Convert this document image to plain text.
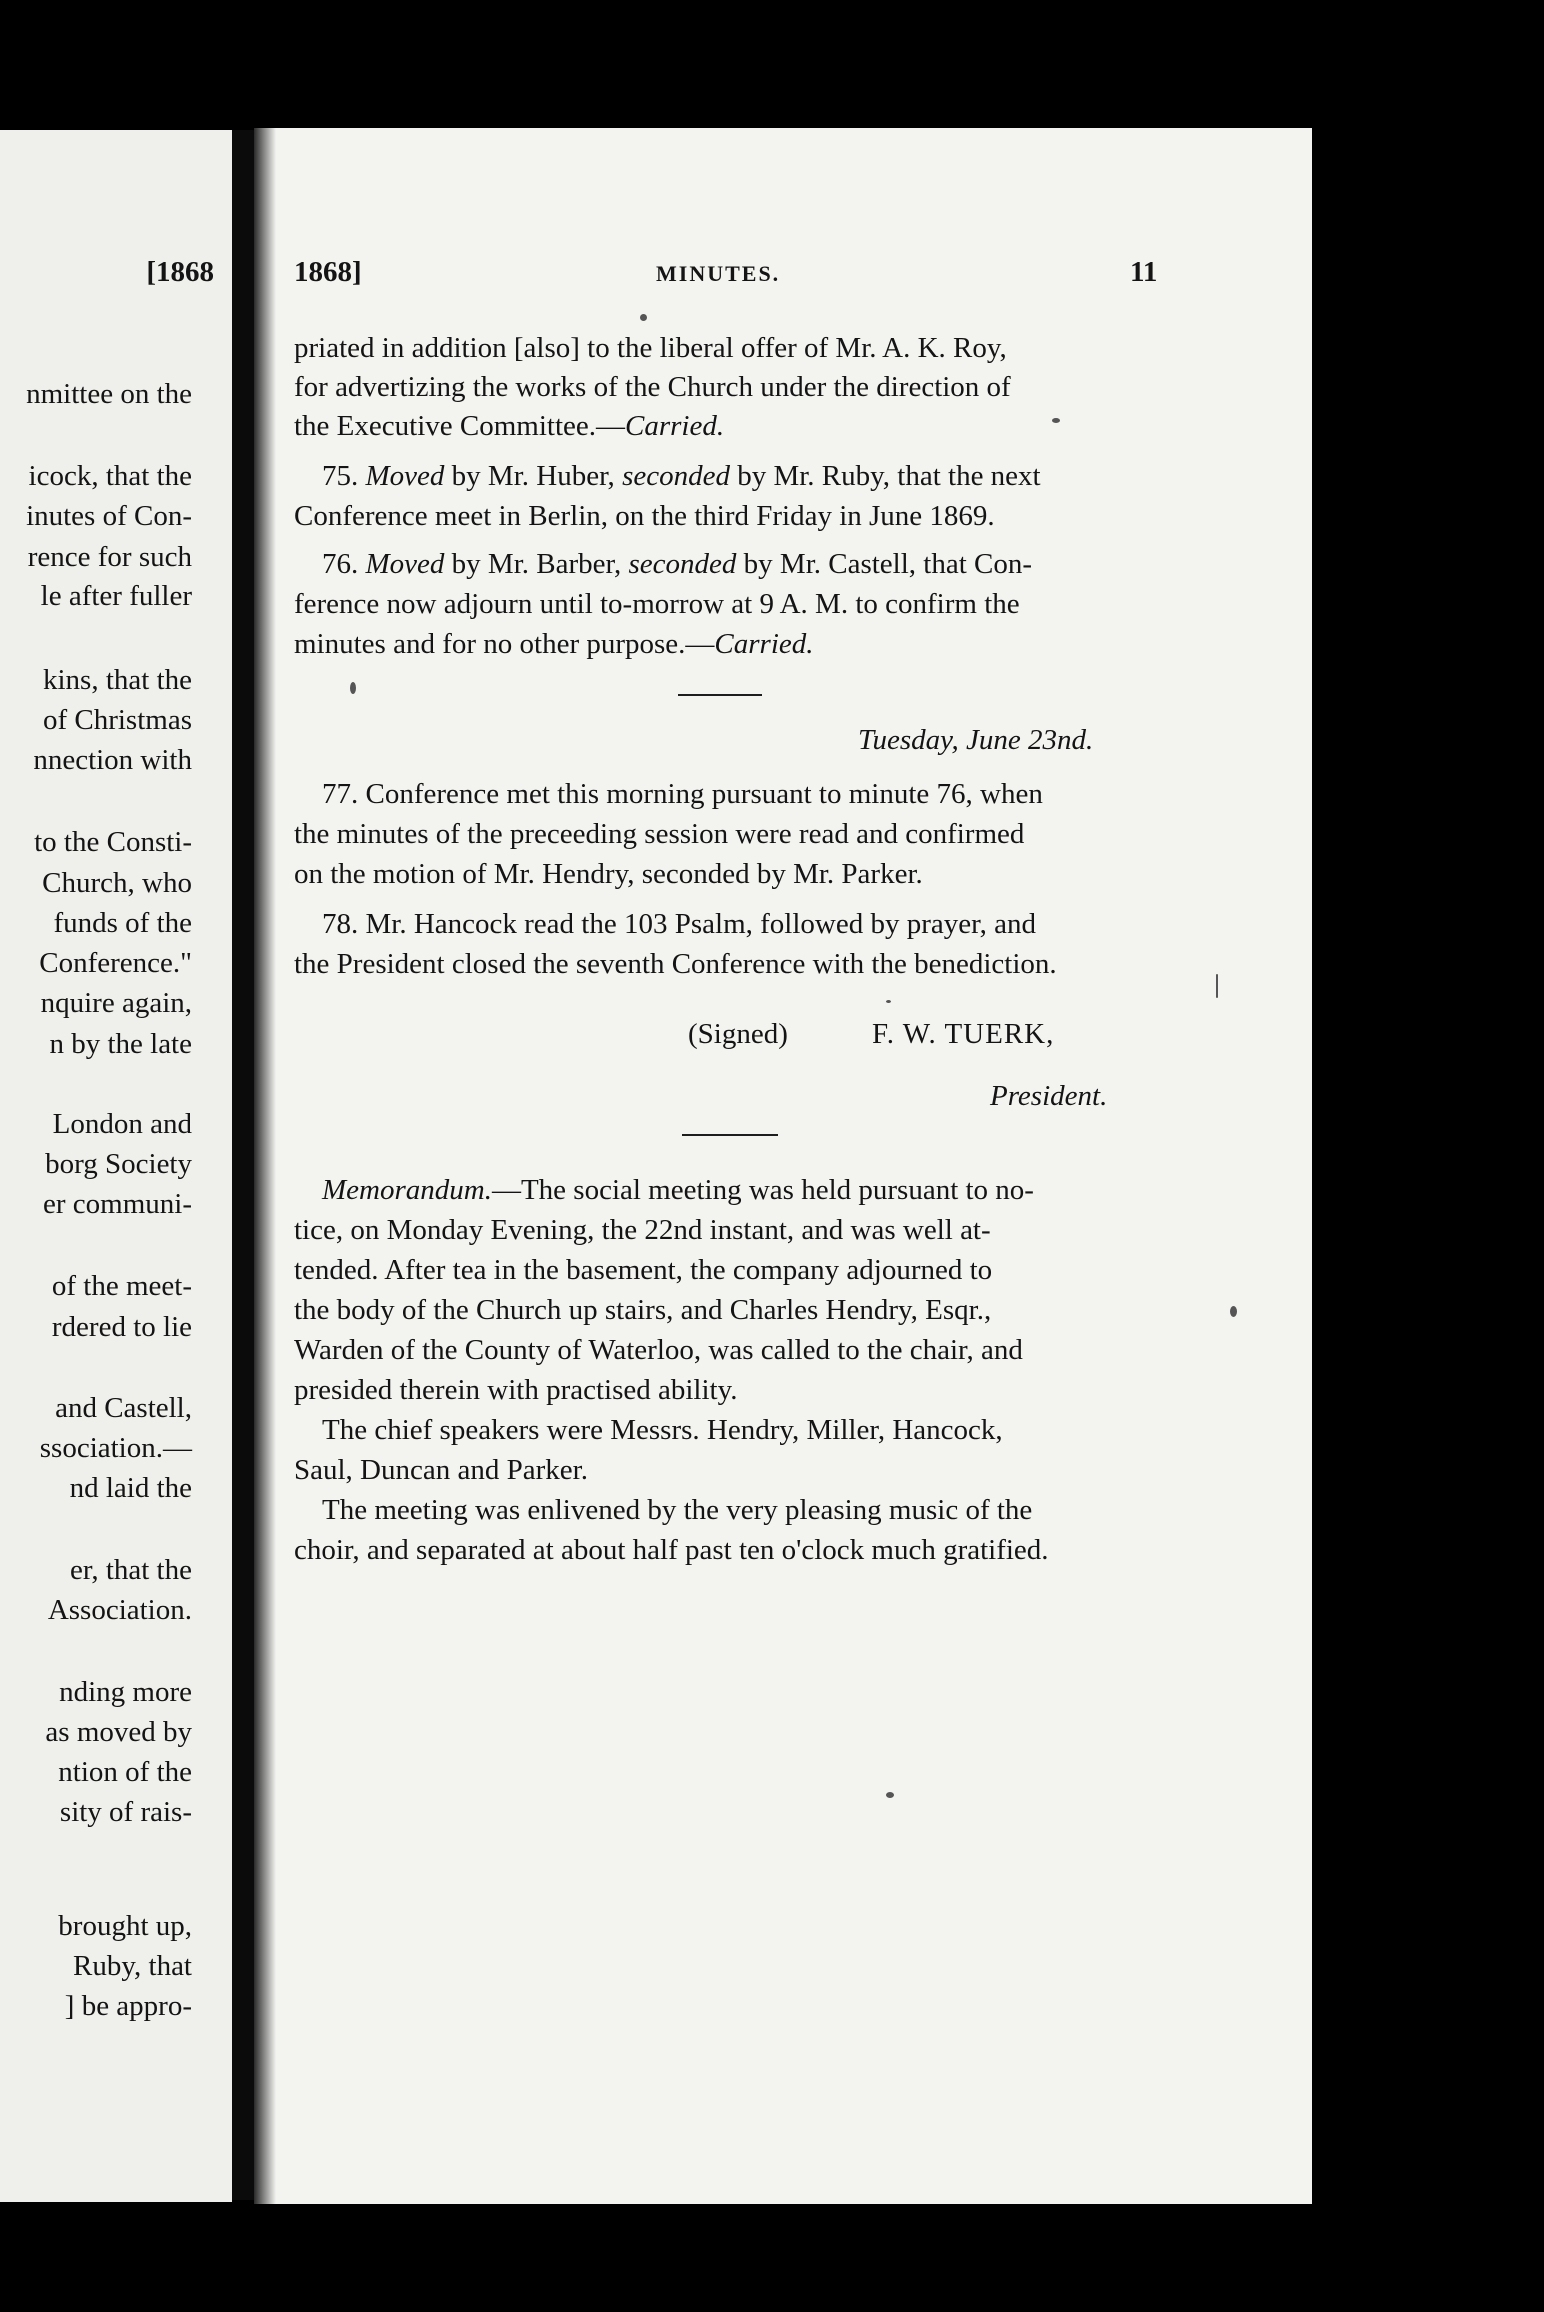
[1868
nmittee on the
icock, that the
inutes of Con-
rence for such
le after fuller
kins, that the
of Christmas
nnection with
to the Consti-
Church, who
funds of the
Conference."
nquire again,
n by the late
London and
borg Society
er communi-
of the meet-
rdered to lie
and Castell,
ssociation.—
nd laid the
er, that the
Association.
nding more
as moved by
ntion of the
sity of rais-
brought up,
Ruby, that
] be appro-
1868]	MINUTES.	11
priated in addition [also] to the liberal offer of Mr. A. K. Roy,
for advertizing the works of the Church under the direction of
the Executive Committee.—Carried.
75. Moved by Mr. Huber, seconded by Mr. Ruby, that the next
Conference meet in Berlin, on the third Friday in June 1869.
76. Moved by Mr. Barber, seconded by Mr. Castell, that Con-
ference now adjourn until to-morrow at 9 A. M. to confirm the
minutes and for no other purpose.—Carried.
Tuesday, June 23nd.
77. Conference met this morning pursuant to minute 76, when
the minutes of the preceeding session were read and confirmed
on the motion of Mr. Hendry, seconded by Mr. Parker.
78. Mr. Hancock read the 103 Psalm, followed by prayer, and
the President closed the seventh Conference with the benediction.
(Signed)	F. W. TUERK,
President.
Memorandum.—The social meeting was held pursuant to no-
tice, on Monday Evening, the 22nd instant, and was well at-
tended. After tea in the basement, the company adjourned to
the body of the Church up stairs, and Charles Hendry, Esqr.,
Warden of the County of Waterloo, was called to the chair, and
presided therein with practised ability.
The chief speakers were Messrs. Hendry, Miller, Hancock,
Saul, Duncan and Parker.
The meeting was enlivened by the very pleasing music of the
choir, and separated at about half past ten o'clock much gratified.
